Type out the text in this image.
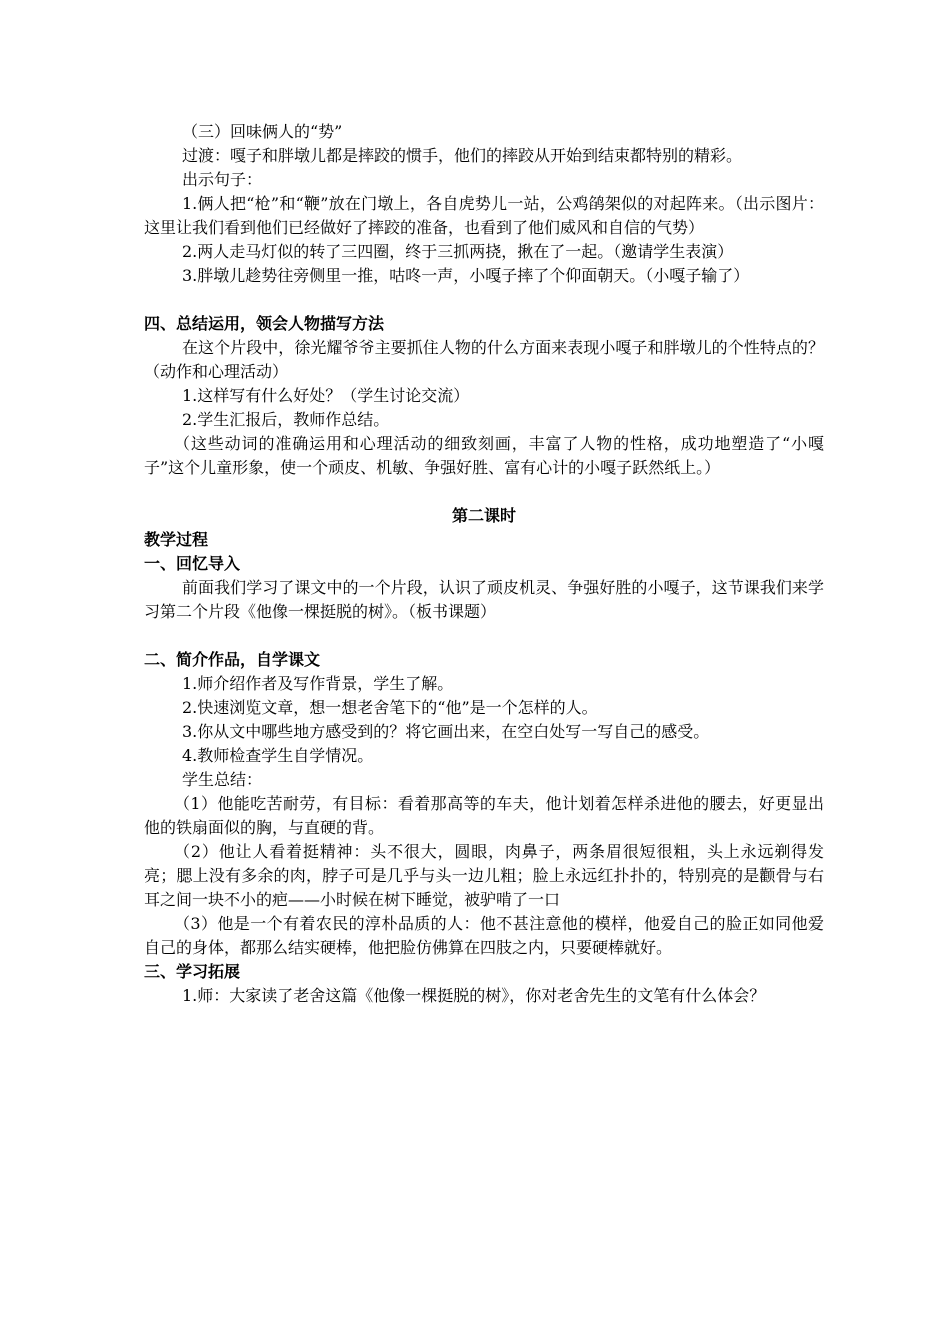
（三）回味俩人的“势”

过渡：嘎子和胖墩儿都是摔跤的惯手，他们的摔跤从开始到结束都特别的精彩。

出示句子：

1.俩人把“枪”和“鞭”放在门墩上，各自虎势儿一站，公鸡鹐架似的对起阵来。（出示图片：这里让我们看到他们已经做好了摔跤的准备，也看到了他们威风和自信的气势）

2.两人走马灯似的转了三四圈，终于三抓两挠，揪在了一起。（邀请学生表演）

3.胖墩儿趁势往旁侧里一推，咕咚一声，小嘎子摔了个仰面朝天。（小嘎子输了）

四、总结运用，领会人物描写方法

在这个片段中，徐光耀爷爷主要抓住人物的什么方面来表现小嘎子和胖墩儿的个性特点的？（动作和心理活动）

1.这样写有什么好处？（学生讨论交流）

2.学生汇报后，教师作总结。

（这些动词的准确运用和心理活动的细致刻画，丰富了人物的性格，成功地塑造了“小嘎子”这个儿童形象，使一个顽皮、机敏、争强好胜、富有心计的小嘎子跃然纸上。）

第二课时

教学过程

一、回忆导入

前面我们学习了课文中的一个片段，认识了顽皮机灵、争强好胜的小嘎子，这节课我们来学习第二个片段《他像一棵挺脱的树》。（板书课题）

二、简介作品，自学课文

1.师介绍作者及写作背景，学生了解。

2.快速浏览文章，想一想老舍笔下的“他”是一个怎样的人。

3.你从文中哪些地方感受到的？将它画出来，在空白处写一写自己的感受。

4.教师检查学生自学情况。

学生总结：

（1）他能吃苦耐劳，有目标：看着那高等的车夫，他计划着怎样杀进他的腰去，好更显出他的铁扇面似的胸，与直硬的背。

（2）他让人看着挺精神：头不很大，圆眼，肉鼻子，两条眉很短很粗，头上永远剃得发亮；腮上没有多余的肉，脖子可是几乎与头一边儿粗；脸上永远红扑扑的，特别亮的是颧骨与右耳之间一块不小的疤——小时候在树下睡觉，被驴啃了一口

（3）他是一个有着农民的淳朴品质的人：他不甚注意他的模样，他爱自己的脸正如同他爱自己的身体，都那么结实硬棒，他把脸仿佛算在四肢之内，只要硬棒就好。

三、学习拓展

1.师：大家读了老舍这篇《他像一棵挺脱的树》，你对老舍先生的文笔有什么体会？
